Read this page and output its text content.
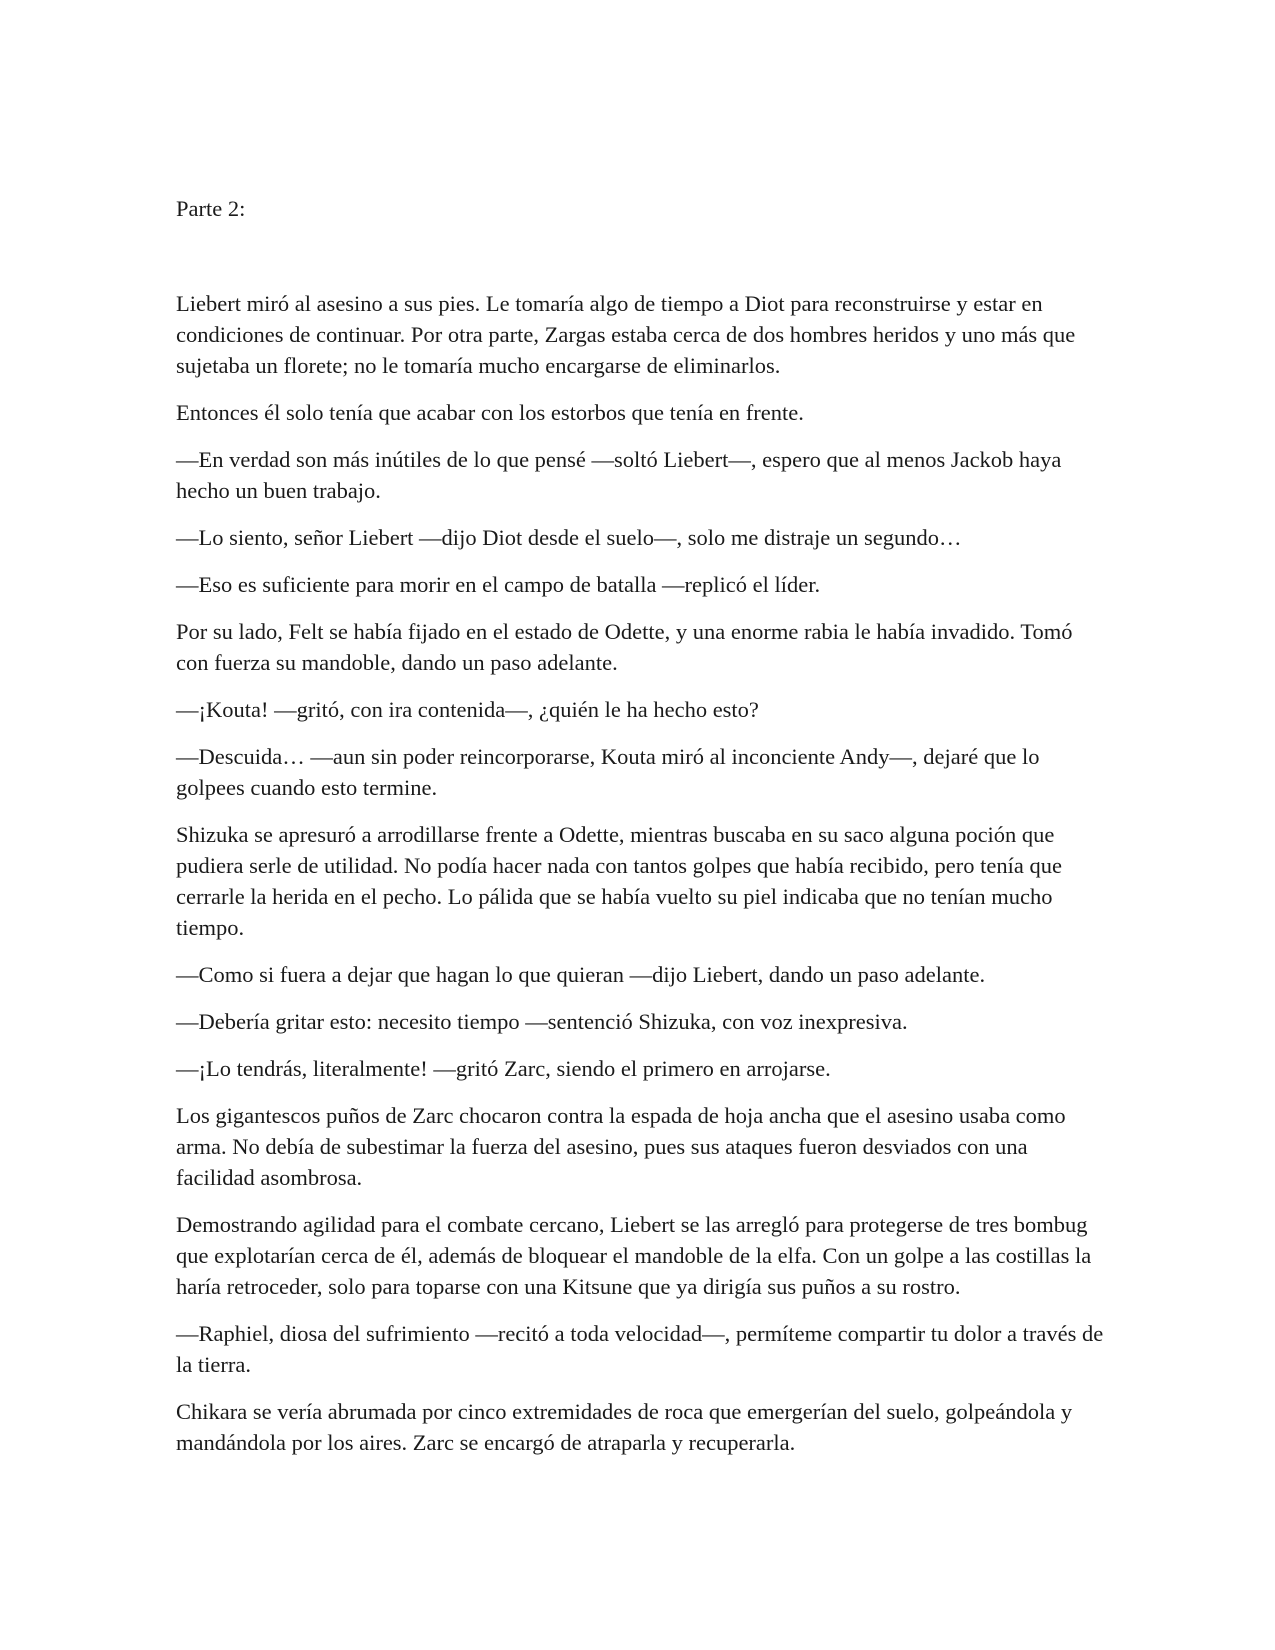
Parte 2:

Liebert miró al asesino a sus pies. Le tomaría algo de tiempo a Diot para reconstruirse y estar en condiciones de continuar. Por otra parte, Zargas estaba cerca de dos hombres heridos y uno más que sujetaba un florete; no le tomaría mucho encargarse de eliminarlos.

Entonces él solo tenía que acabar con los estorbos que tenía en frente.

—En verdad son más inútiles de lo que pensé —soltó Liebert—, espero que al menos Jackob haya hecho un buen trabajo.

—Lo siento, señor Liebert —dijo Diot desde el suelo—, solo me distraje un segundo…

—Eso es suficiente para morir en el campo de batalla —replicó el líder.

Por su lado, Felt se había fijado en el estado de Odette, y una enorme rabia le había invadido. Tomó con fuerza su mandoble, dando un paso adelante.

—¡Kouta! —gritó, con ira contenida—, ¿quién le ha hecho esto?

—Descuida… —aun sin poder reincorporarse, Kouta miró al inconciente Andy—, dejaré que lo golpees cuando esto termine.

Shizuka se apresuró a arrodillarse frente a Odette, mientras buscaba en su saco alguna poción que pudiera serle de utilidad. No podía hacer nada con tantos golpes que había recibido, pero tenía que cerrarle la herida en el pecho. Lo pálida que se había vuelto su piel indicaba que no tenían mucho tiempo.

—Como si fuera a dejar que hagan lo que quieran —dijo Liebert, dando un paso adelante.

—Debería gritar esto: necesito tiempo —sentenció Shizuka, con voz inexpresiva.

—¡Lo tendrás, literalmente! —gritó Zarc, siendo el primero en arrojarse.

Los gigantescos puños de Zarc chocaron contra la espada de hoja ancha que el asesino usaba como arma. No debía de subestimar la fuerza del asesino, pues sus ataques fueron desviados con una facilidad asombrosa.

Demostrando agilidad para el combate cercano, Liebert se las arregló para protegerse de tres bombug que explotarían cerca de él, además de bloquear el mandoble de la elfa. Con un golpe a las costillas la haría retroceder, solo para toparse con una Kitsune que ya dirigía sus puños a su rostro.

—Raphiel, diosa del sufrimiento —recitó a toda velocidad—, permíteme compartir tu dolor a través de la tierra.

Chikara se vería abrumada por cinco extremidades de roca que emergerían del suelo, golpeándola y mandándola por los aires. Zarc se encargó de atraparla y recuperarla.
